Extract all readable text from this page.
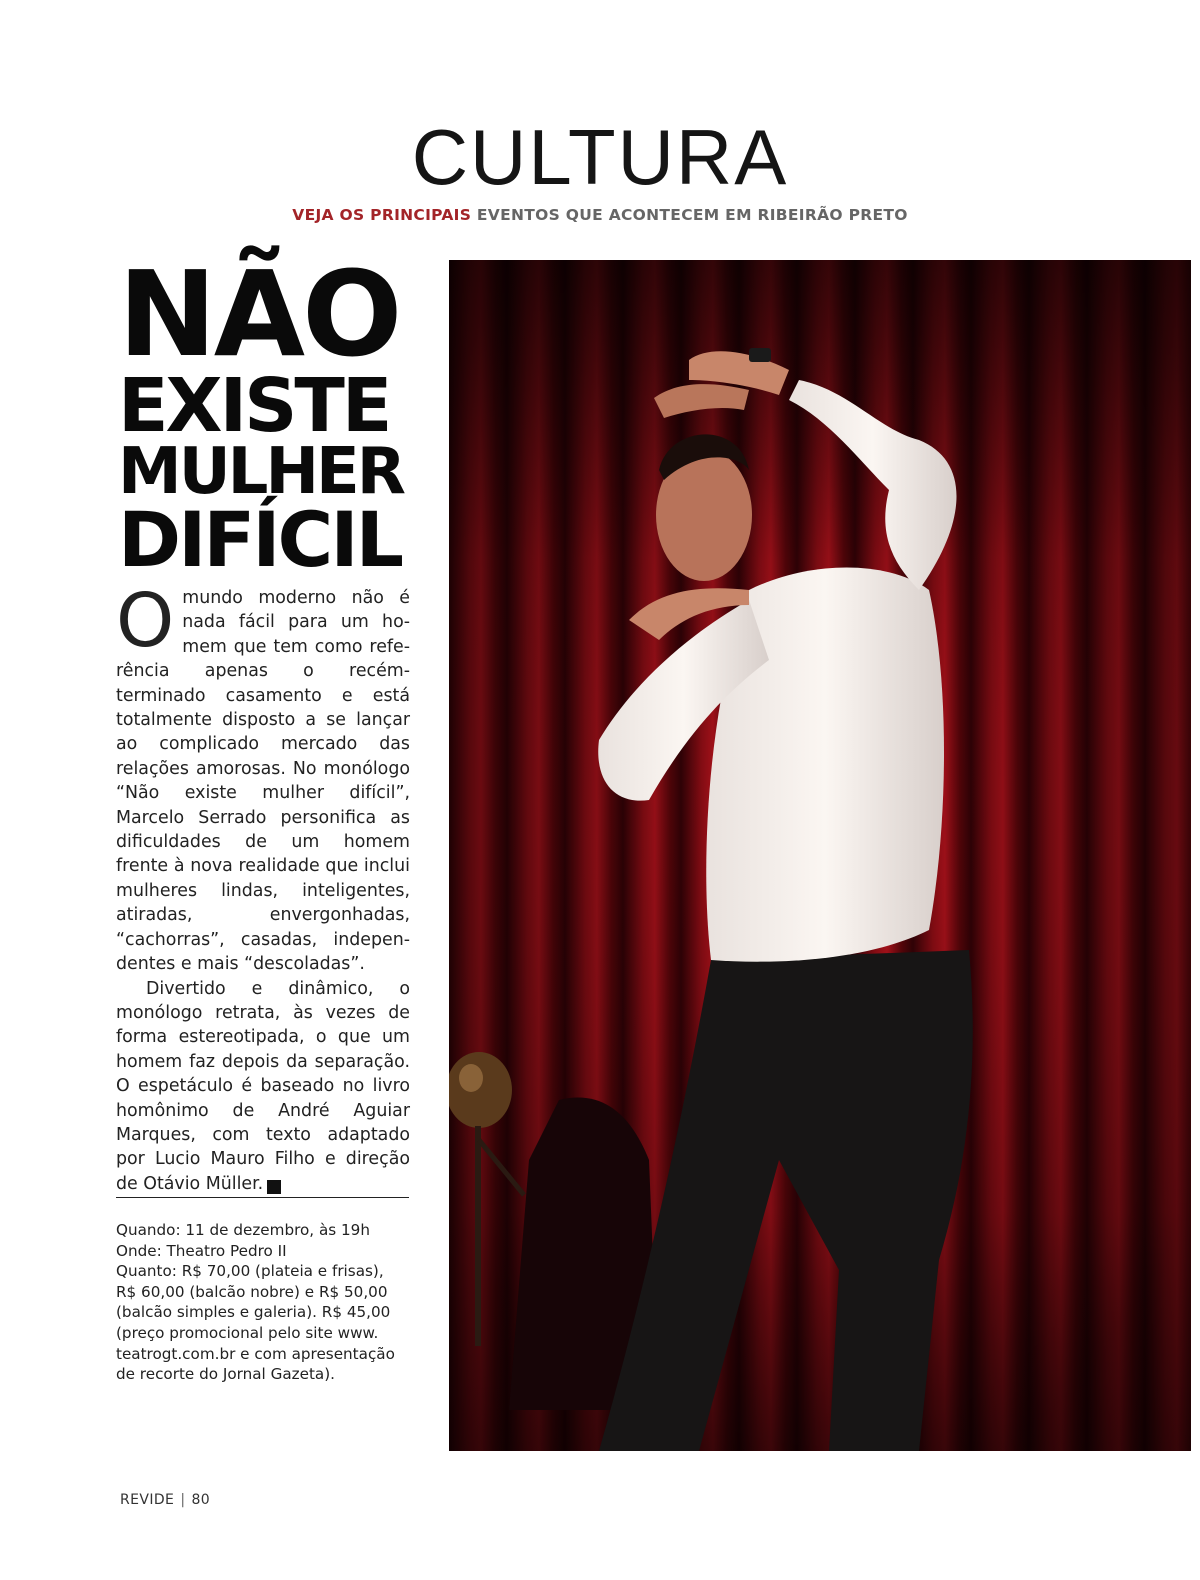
CULTURA
VEJA OS PRINCIPAIS EVENTOS QUE ACONTECEM EM RIBEIRÃO PRETO
NÃO
EXISTE
MULHER
DIFÍCIL

O mundo moderno não é nada fácil para um homem que tem como referência apenas o recém-terminado casamento e está totalmente disposto a se lançar ao complicado mercado das relações amorosas. No monólogo “Não existe mulher difícil”, Marcelo Serrado personifica as dificuldades de um homem frente à nova realidade que inclui mulheres lindas, inteligentes, atiradas, envergonhadas, “cachorras”, casadas, independentes e mais “descoladas”.

Divertido e dinâmico, o monólogo retrata, às vezes de forma estereotipada, o que um homem faz depois da separação. O espetáculo é baseado no livro homônimo de André Aguiar Marques, com texto adaptado por Lucio Mauro Filho e direção de Otávio Müller.	r

Quando: 11 de dezembro, às 19h
Onde: Theatro Pedro II
Quanto: R$ 70,00 (plateia e frisas),
R$ 60,00 (balcão nobre) e R$ 50,00
(balcão simples e galeria). R$ 45,00
(preço promocional pelo site www.
teatrogt.com.br e com apresentação
de recorte do Jornal Gazeta).
REVIDE | 80
